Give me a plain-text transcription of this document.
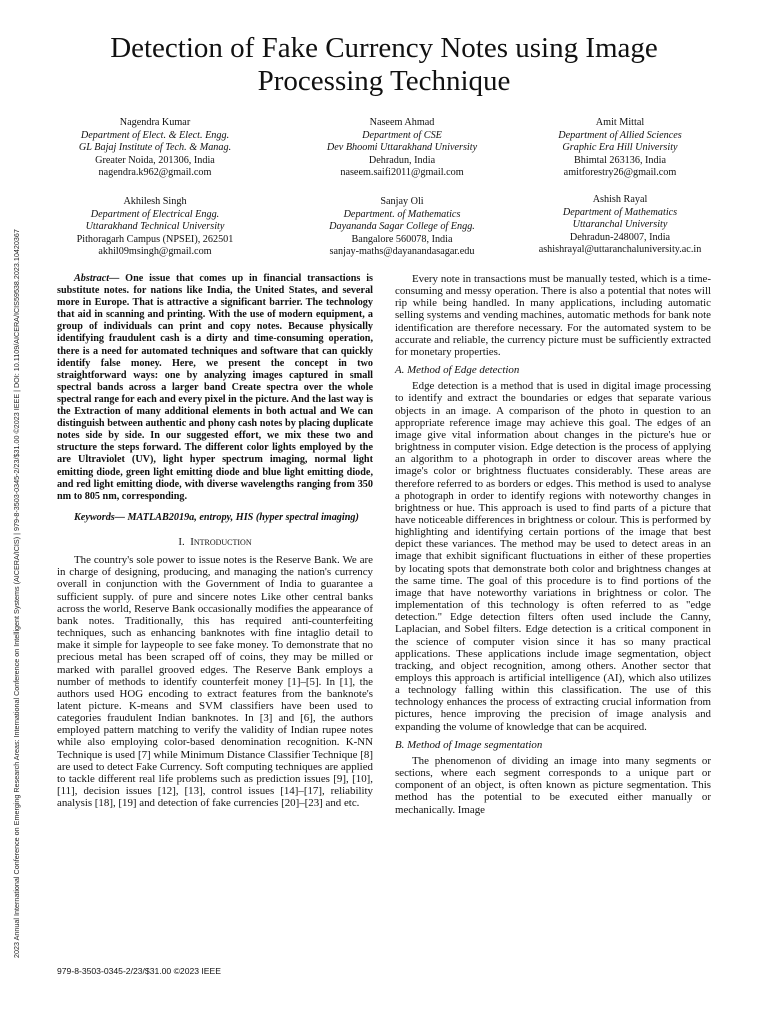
2023 Annual International Conference on Emerging Research Areas: International Conference on Intelligent Systems (AICERA/ICIS) | 979-8-3503-0345-2/23/$31.00 ©2023 IEEE | DOI: 10.1109/AICERA/ICIS59538.2023.10420367
Detection of Fake Currency Notes using Image
Processing Technique
Nagendra Kumar
Department of Elect. & Elect. Engg.
GL Bajaj Institute of Tech. & Manag.
Greater Noida, 201306, India
nagendra.k962@gmail.com
Naseem Ahmad
Department of CSE
Dev Bhoomi Uttarakhand University
Dehradun, India
naseem.saifi2011@gmail.com
Amit Mittal
Department of Allied Sciences
Graphic Era Hill University
Bhimtal 263136, India
amitforestry26@gmail.com
Akhilesh Singh
Department of Electrical Engg.
Uttarakhand Technical University
Pithoragarh Campus (NPSEI), 262501
akhil09msingh@gmail.com
Sanjay Oli
Department. of Mathematics
Dayananda Sagar College of Engg.
Bangalore 560078, India
sanjay-maths@dayanandasagar.edu
Ashish Rayal
Department of Mathematics
Uttaranchal University
Dehradun-248007, India
ashishrayal@uttaranchaluniversity.ac.in

Abstract— One issue that comes up in financial transactions is substitute notes. for nations like India, the United States, and several more in Europe. That is attractive a significant barrier. The technology that aid in scanning and printing. With the use of modern equipment, a group of individuals can print and copy notes. Because physically identifying fraudulent cash is a dirty and time-consuming operation, there is a need for automated techniques and software that can quickly identify false money. Here, we present the concept in two straightforward ways: one by analyzing images captured in small spectral bands across a larger band Create spectra over the whole spectral range for each and every pixel in the picture. And the last way is the Extraction of many additional elements in both actual and We can distinguish between authentic and phony cash notes by placing duplicate notes side by side. In our suggested effort, we mix these two and structure the steps forward. The different color lights employed by the are Ultraviolet (UV), light hyper spectrum imaging, normal light emitting diode, green light emitting diode and blue light emitting diode, and red light emitting diode, with diverse wavelengths ranging from 350 nm to 805 nm, corresponding.

Keywords— MATLAB2019a, entropy, HIS (hyper spectral imaging)

I. Introduction

The country's sole power to issue notes is the Reserve Bank. We are in charge of designing, producing, and managing the nation's currency overall in conjunction with the Government of India to guarantee a sufficient supply. of pure and sincere notes Like other central banks across the world, Reserve Bank occasionally modifies the appearance of bank notes. Traditionally, this has required anti-counterfeiting techniques, such as enhancing banknotes with fine intaglio detail to make it simple for laypeople to see fake money. To demonstrate that no precious metal has been scraped off of coins, they may be milled or marked with parallel grooved edges. The Reserve Bank employs a number of methods to identify counterfeit money [1]–[5]. In [1], the authors used HOG encoding to extract features from the banknote's latent picture. K-means and SVM classifiers have been used to categories fraudulent Indian banknotes. In [3] and [6], the authors employed pattern matching to verify the validity of Indian rupee notes while also employing color-based denomination recognition. K-NN Technique is used [7] while Minimum Distance Classifier Technique [8] are used to detect Fake Currency. Soft computing techniques are applied to tackle different real life problems such as prediction issues [9], [10], [11], decision issues [12], [13], control issues [14]–[17], reliability analysis [18], [19] and detection of fake currencies [20]–[23] and etc.

Every note in transactions must be manually tested, which is a time-consuming and messy operation. There is also a potential that notes will rip while being handled. In many applications, including automatic selling systems and vending machines, automatic methods for bank note identification are therefore necessary. For the automated system to be accurate and reliable, the currency picture must be sufficiently extracted for monetary properties.

A. Method of Edge detection

Edge detection is a method that is used in digital image processing to identify and extract the boundaries or edges that separate various objects in an image. A comparison of the photo in question to an appropriate reference image may achieve this goal. The edges of an image give vital information about changes in the picture's hue or brightness in computer vision. Edge detection is the process of applying an algorithm to a photograph in order to discover areas where the image's color or brightness fluctuates considerably. These areas are therefore referred to as borders or edges. This method is used to analyse a photograph in order to identify regions with noteworthy changes in brightness or hue. This approach is used to find parts of a picture that have noticeable differences in brightness or colour. This is performed by highlighting and identifying certain portions of the image that best depict these variances. The method may be used to detect areas in an image that exhibit significant fluctuations in either of these properties by locating spots that demonstrate both color and brightness changes at the same time. The goal of this procedure is to find portions of the image that have noteworthy variations in brightness or color. The implementation of this technology is often referred to as "edge detection." Edge detection filters often used include the Canny, Laplacian, and Sobel filters. Edge detection is a critical component in the science of computer vision since it has so many practical applications. These applications include image segmentation, object tracking, and object recognition, among others. Another sector that employs this approach is artificial intelligence (AI), which also utilizes a technology falling within this classification. The use of this technology enhances the process of extracting crucial information from pictures, hence improving the precision of image analysis and expanding the volume of knowledge that can be acquired.

B. Method of Image segmentation

The phenomenon of dividing an image into many segments or sections, where each segment corresponds to a unique part or component of an object, is often known as picture segmentation. This method has the potential to be executed either manually or mechanically. Image

979-8-3503-0345-2/23/$31.00 ©2023 IEEE
